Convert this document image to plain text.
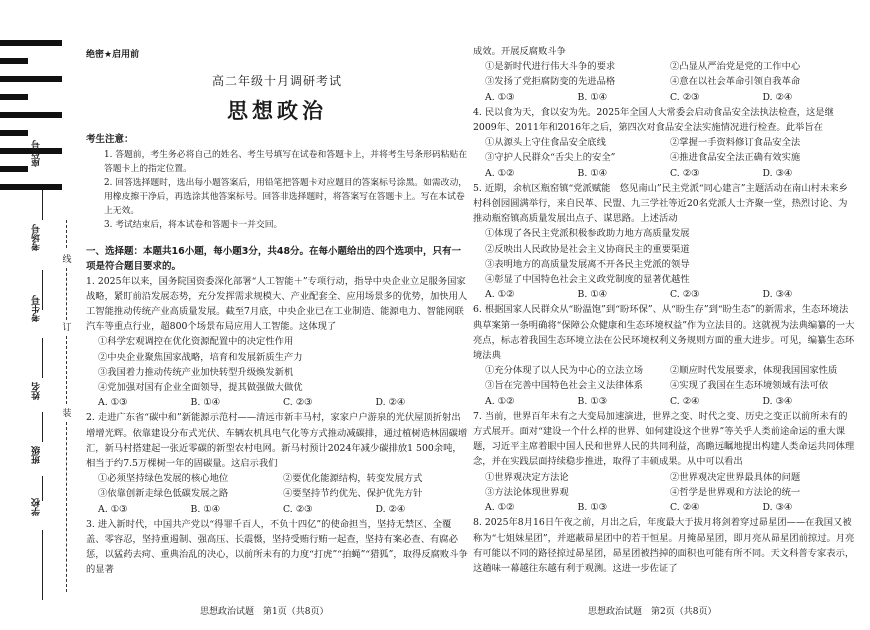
座位号
考场号
考生号
姓名
班级
学校
线
订
装
绝密★启用前
高二年级十月调研考试
思想政治
考生注意：
1. 答题前，考生务必将自己的姓名、考生号填写在试卷和答题卡上，并将考生号条形码粘贴在答题卡上的指定位置。
2. 回答选择题时，选出每小题答案后，用铅笔把答题卡对应题目的答案标号涂黑。如需改动，用橡皮擦干净后，再选涂其他答案标号。回答非选择题时，将答案写在答题卡上。写在本试卷上无效。
3. 考试结束后，将本试卷和答题卡一并交回。
一、选择题：本题共16小题，每小题3分，共48分。在每小题给出的四个选项中，只有一项是符合题目要求的。

1. 2025年以来，国务院国资委深化部署“人工智能＋”专项行动，指导中央企业立足服务国家战略，紧盯前沿发展态势，充分发挥需求规模大、产业配套全、应用场景多的优势，加快用人工智能推动传统产业高质量发展。截至7月底，中央企业已在工业制造、能源电力、智能网联汽车等重点行业，超800个场景布局应用人工智能。这体现了

①科学宏观调控在优化资源配置中的决定性作用
②中央企业聚焦国家战略，培育和发展新质生产力
③我国着力推动传统产业加快转型升级焕发新机
④党加强对国有企业全面领导，提其做强做大做优
A. ①③	B. ①④	C. ②③	D. ②④

2. 走进广东省“碳中和”新能源示范村——清远市新丰马村，家家户户游泉的光伏屋顶折射出增增光辉。依靠建设分布式光伏、车辆农机具电气化等方式推动减碳排，通过植树造林固碳增汇，新马村搭建起一张近零碳的新型农村电网。新马村预计2024年减少碳排放1 500余吨，相当于约7.5万棵树一年的固碳量。这启示我们

①必须坚持绿色发展的核心地位	②要优化能源结构，转变发展方式
③依靠创新走绿色低碳发展之路	④要坚持节约优先、保护优先方针
A. ①③	B. ①④	C. ②③	D. ②④

3. 进入新时代，中国共产党以“得罪千百人，不负十四亿”的使命担当，坚持无禁区、全覆盖、零容忍，坚持重遏制、强高压、长震慑，坚持受贿行贿一起查，坚持有案必查、有腐必惩，以猛药去疴、重典治乱的决心，以前所未有的力度“打虎”“拍蝇”“猎狐”，取得反腐败斗争的显著

成效。开展反腐败斗争

①是新时代进行伟大斗争的要求	②凸显从严治党是党的工作中心
③发扬了党拒腐防变的先进品格	④意在以社会革命引领自我革命
A. ①③	B. ①④	C. ②③	D. ②④

4. 民以食为天，食以安为先。2025年全国人大常委会启动食品安全法执法检查，这是继2009年、2011年和2016年之后，第四次对食品安全法实施情况进行检查。此举旨在

①从源头上守住食品安全底线	②掌握一手资料修订食品安全法
③守护人民群众“舌尖上的安全”	④推进食品安全法正确有效实施
A. ①②	B. ①④	C. ②③	D. ③④

5. 近期，余杭区瓶窑镇“党派赋能　悠见南山”民主党派“同心建言”主题活动在南山村未来乡村科创园圆满举行，来自民革、民盟、九三学社等近20名党派人士齐聚一堂，热烈讨论、为推动瓶窑镇高质量发展出点子、谋思路。上述活动

①体现了各民主党派积极参政助力地方高质量发展
②反映出人民政协是社会主义协商民主的重要渠道
③表明地方的高质量发展离不开各民主党派的领导
④彰显了中国特色社会主义政党制度的显著优越性
A. ①②	B. ①④	C. ②③	D. ③④

6. 根据国家人民群众从“盼温饱”到“盼环保”、从“盼生存”到“盼生态”的新需求，生态环境法典草案第一条明确将“保障公众健康和生态环境权益”作为立法目的。这就视为法典编纂的一大亮点，标志着我国生态环境立法在公民环境权利义务规则方面的重大进步。可见，编纂生态环境法典

①充分体现了以人民为中心的立法立场	②顺应时代发展要求，体现我国国家性质
③旨在完善中国特色社会主义法律体系	④实现了我国在生态环境领域有法可依
A. ①②	B. ①③	C. ②④	D. ③④

7. 当前，世界百年未有之大变局加速演进，世界之变、时代之变、历史之变正以前所未有的方式展开。面对“建设一个什么样的世界、如何建设这个世界”等关乎人类前途命运的重大课题，习近平主席着眼中国人民和世界人民的共同利益，高瞻远瞩地提出构建人类命运共同体理念，并在实践层面持续稳步推进，取得了丰硕成果。从中可以看出

①世界观决定方法论	②世界观决定世界最具体的问题
③方法论体现世界观	④哲学是世界观和方法论的统一
A. ①②	B. ①③	C. ②④	D. ③④

8. 2025年8月16日午夜之前，月出之后，年度最大于拔月将剑着穿过昴星团——在我国又被称为“七姐妹星团”，并遮蔽昴星团中的若干恒星。月掩昴星团，即月亮从昴星团前掠过。月亮有可能以不同的路径掠过昴星团，昴星团被挡掉的面积也可能有所不同。天文科普专家表示，这趟味一幕越往东越有利于观测。这进一步佐证了

思想政治试题　第1页（共8页）	思想政治试题　第2页（共8页）
